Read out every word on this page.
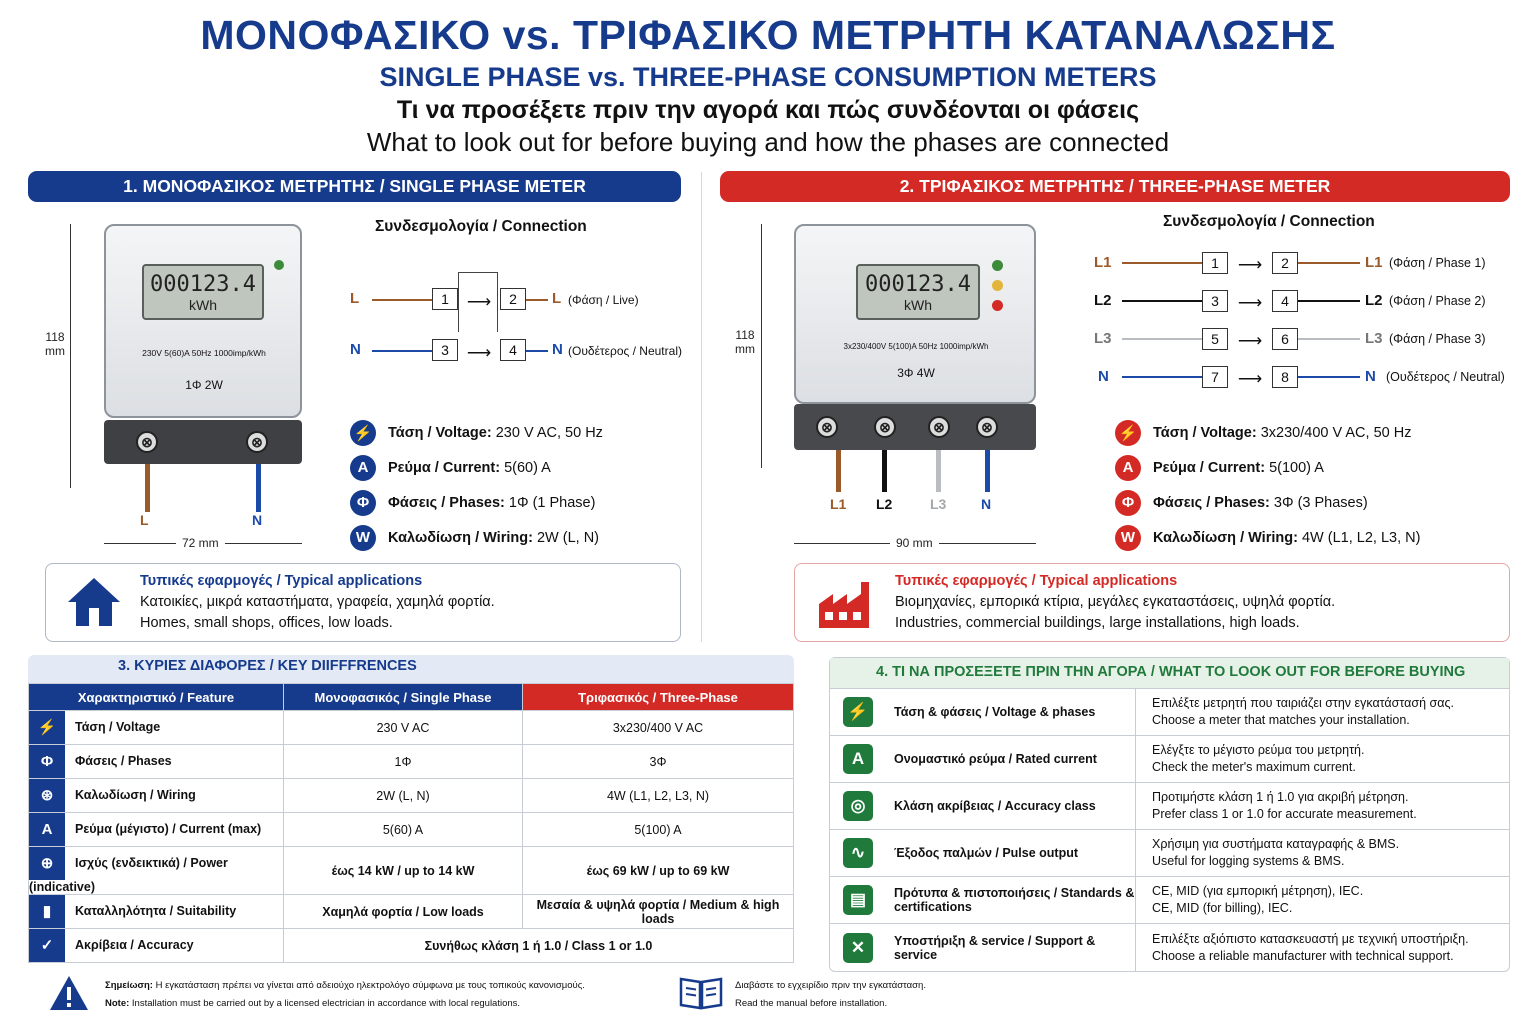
ΜΟΝΟΦΑΣΙΚΟ vs. ΤΡΙΦΑΣΙΚΟ ΜΕΤΡΗΤΗ ΚΑΤΑΝΑΛΩΣΗΣ
SINGLE PHASE vs. THREE-PHASE CONSUMPTION METERS
Τι να προσέξετε πριν την αγορά και πώς συνδέονται οι φάσεις
What to look out for before buying and how the phases are connected
1. ΜΟΝΟΦΑΣΙΚΟΣ ΜΕΤΡΗΤΗΣ / SINGLE PHASE METER	2. ΤΡΙΦΑΣΙΚΟΣ ΜΕΤΡΗΤΗΣ / THREE-PHASE METER
118
mm
000123.4
kWh
230V 5(60)A 50Hz 1000imp/kWh
1Φ 2W
⊗	⊗
L	N
72 mm
Συνδεσμολογία / Connection
L	1	⟶	2	L (Φάση / Live)
N	3	⟶	4	N (Ουδέτερος / Neutral)
⚡ Τάση / Voltage: 230 V AC, 50 Hz
A	Ρεύμα / Current: 5(60) A
Φ	Φάσεις / Phases: 1Φ (1 Phase)
W	Καλωδίωση / Wiring: 2W (L, N)
118
mm
000123.4
kWh
3x230/400V 5(100)A 50Hz 1000imp/kWh
3Φ 4W
⊗	⊗	⊗	⊗
L1 L2	L3 N
90 mm
Συνδεσμολογία / Connection
L1	1	⟶	2	L1 (Φάση / Phase 1)
L2	3	⟶	4	L2 (Φάση / Phase 2)
L3	5	⟶	6	L3 (Φάση / Phase 3)
N	7	⟶	8	N (Ουδέτερος / Neutral)
⚡ Τάση / Voltage: 3x230/400 V AC, 50 Hz
A	Ρεύμα / Current: 5(100) A
Φ	Φάσεις / Phases: 3Φ (3 Phases)
W	Καλωδίωση / Wiring: 4W (L1, L2, L3, N)
Τυπικές εφαρμογές / Typical applications
Κατοικίες, μικρά καταστήματα, γραφεία, χαμηλά φορτία.
Homes, small shops, offices, low loads.
Τυπικές εφαρμογές / Typical applications
Βιομηχανίες, εμπορικά κτίρια, μεγάλες εγκαταστάσεις, υψηλά φορτία.
Industries, commercial buildings, large installations, high loads.
3. ΚΥΡΙΕΣ ΔΙΑΦΟΡΕΣ / KEY DIIFFFRENCES
Χαρακτηριστικό / Feature	Μονοφασικός / Single Phase	Τριφασικός / Three-Phase
⚡ Τάση / Voltage	230 V AC	3x230/400 V AC
Φ Φάσεις / Phases	1Φ	3Φ
⊛ Καλωδίωση / Wiring	2W (L, N)	4W (L1, L2, L3, N)
A Ρεύμα (μέγιστο) / Current (max)	5(60) A	5(100) A
⊕ Ισχύς (ενδεικτικά) / Power (indicative)	έως 14 kW / up to 14 kW	έως 69 kW / up to 69 kW
▮ Καταλληλότητα / Suitability	Χαμηλά φορτία / Low loads	Μεσαία & υψηλά φορτία / Medium & high loads
✓ Ακρίβεια / Accuracy	Συνήθως κλάση 1 ή 1.0 / Class 1 or 1.0	
4. ΤΙ ΝΑ ΠΡΟΣΕΞΕΤΕ ΠΡΙΝ ΤΗΝ ΑΓΟΡΑ / WHAT TO LOOK OUT FOR BEFORE BUYING
⚡	Τάση & φάσεις / Voltage & phases
Επιλέξτε μετρητή που ταιριάζει στην εγκατάστασή σας.
Choose a meter that matches your installation.
A	Ονομαστικό ρεύμα / Rated current
Ελέγξτε το μέγιστο ρεύμα του μετρητή.
Check the meter's maximum current.
◎	Κλάση ακρίβειας / Accuracy class
Προτιμήστε κλάση 1 ή 1.0 για ακριβή μέτρηση.
Prefer class 1 or 1.0 for accurate measurement.
∿	Έξοδος παλμών / Pulse output
Χρήσιμη για συστήματα καταγραφής & BMS.
Useful for logging systems & BMS.
▤	Πρότυπα & πιστοποιήσεις / Standards & certifications
CE, MID (για εμπορική μέτρηση), IEC.
CE, MID (for billing), IEC.
✕	Υποστήριξη & service / Support & service
Επιλέξτε αξιόπιστο κατασκευαστή με τεχνική υποστήριξη.
Choose a reliable manufacturer with technical support.
Σημείωση: Η εγκατάσταση πρέπει να γίνεται από αδειούχο ηλεκτρολόγο σύμφωνα με τους τοπικούς κανονισμούς.
Note: Installation must be carried out by a licensed electrician in accordance with local regulations.
Διαβάστε το εγχειρίδιο πριν την εγκατάσταση.
Read the manual before installation.
